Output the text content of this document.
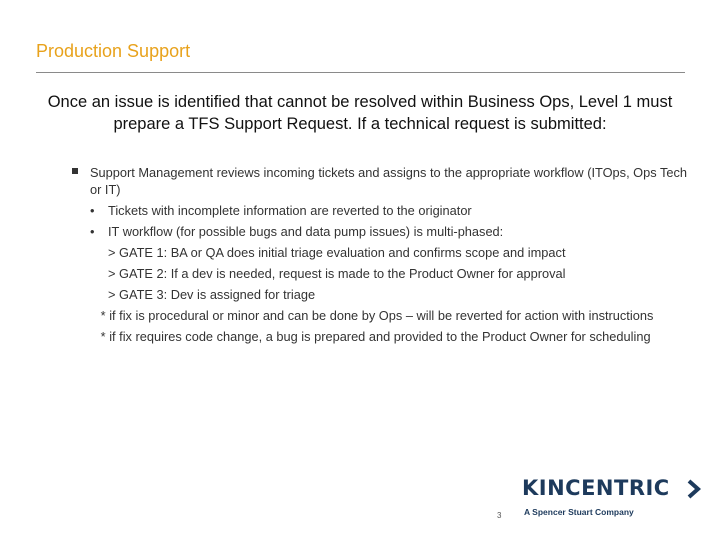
Production Support
Once an issue is identified that cannot be resolved within Business Ops, Level 1 must prepare a TFS Support Request. If a technical request is submitted:
Support Management reviews incoming tickets and assigns to the appropriate workflow (ITOps, Ops Tech or IT)
• Tickets with incomplete information are reverted to the originator
• IT workflow (for possible bugs and data pump issues) is multi-phased:
> GATE 1: BA or QA does initial triage evaluation and confirms scope and impact
> GATE 2: If a dev is needed, request is made to the Product Owner for approval
> GATE 3: Dev is assigned for triage
* if fix is procedural or minor and can be done by Ops – will be reverted for action with instructions
* if fix requires code change, a bug is prepared and provided to the Product Owner for scheduling
3
KINCENTRIC
A Spencer Stuart Company
